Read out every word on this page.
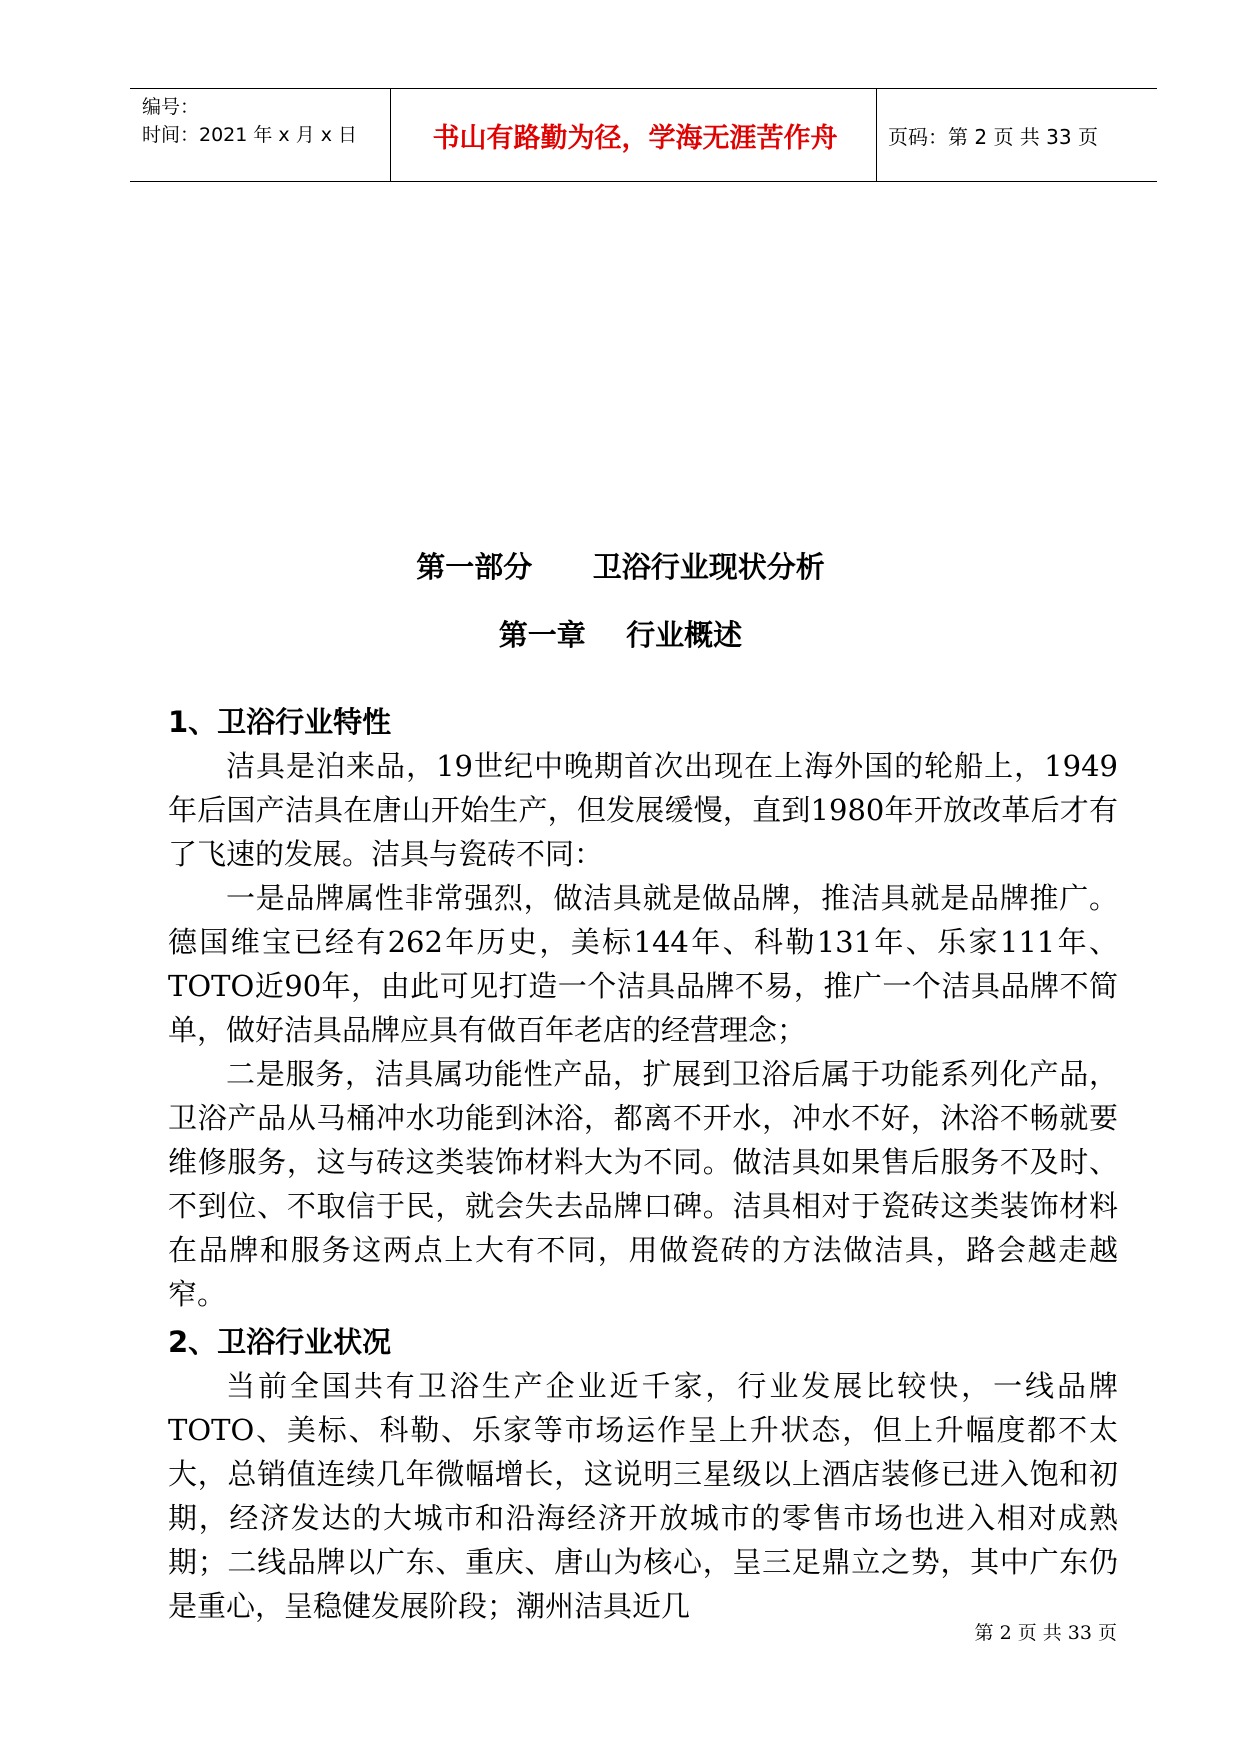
编号：
时间：2021 年 x 月 x 日	书山有路勤为径，学海无涯苦作舟	页码：第 2 页 共 33 页
第一部分      卫浴行业现状分析
第一章    行业概述

1、卫浴行业特性

洁具是泊来品，19世纪中晚期首次出现在上海外国的轮船上，1949年后国产洁具在唐山开始生产，但发展缓慢，直到1980年开放改革后才有了飞速的发展。洁具与瓷砖不同：

一是品牌属性非常强烈，做洁具就是做品牌，推洁具就是品牌推广。德国维宝已经有262年历史，美标144年、科勒131年、乐家111年、TOTO近90年，由此可见打造一个洁具品牌不易，推广一个洁具品牌不简单，做好洁具品牌应具有做百年老店的经营理念；

二是服务，洁具属功能性产品，扩展到卫浴后属于功能系列化产品，卫浴产品从马桶冲水功能到沐浴，都离不开水，冲水不好，沐浴不畅就要维修服务，这与砖这类装饰材料大为不同。做洁具如果售后服务不及时、不到位、不取信于民，就会失去品牌口碑。洁具相对于瓷砖这类装饰材料在品牌和服务这两点上大有不同，用做瓷砖的方法做洁具，路会越走越窄。

2、卫浴行业状况

当前全国共有卫浴生产企业近千家，行业发展比较快，一线品牌TOTO、美标、科勒、乐家等市场运作呈上升状态，但上升幅度都不太大，总销值连续几年微幅增长，这说明三星级以上酒店装修已进入饱和初期，经济发达的大城市和沿海经济开放城市的零售市场也进入相对成熟期；二线品牌以广东、重庆、唐山为核心，呈三足鼎立之势，其中广东仍是重心，呈稳健发展阶段；潮州洁具近几

第 2 页 共 33 页
